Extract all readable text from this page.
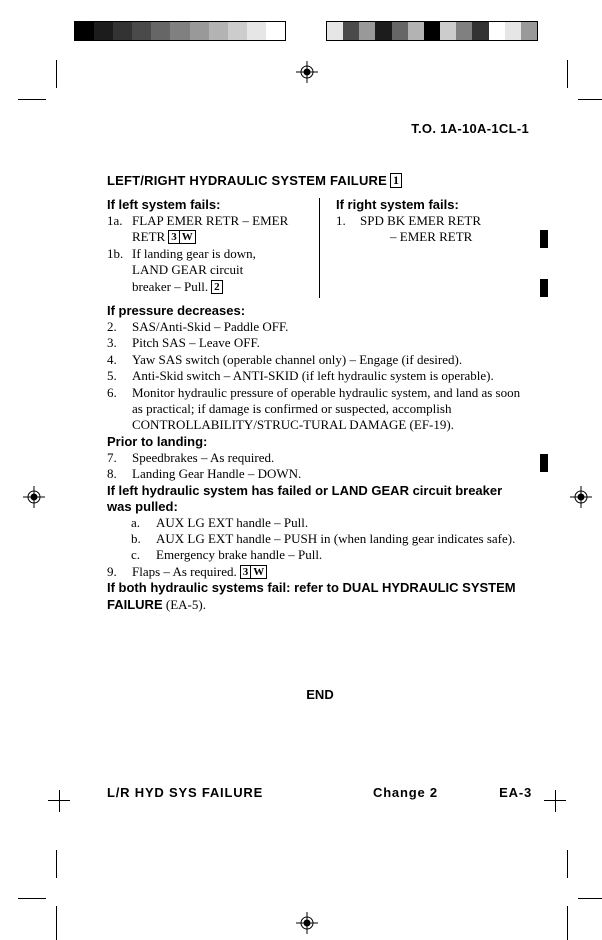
T.O. 1A-10A-1CL-1
LEFT/RIGHT HYDRAULIC SYSTEM FAILURE 1
If left system fails:
1a. FLAP EMER RETR – EMER RETR 3 W
1b. If landing gear is down, LAND GEAR circuit breaker – Pull. 2
If right system fails:
1.	SPD BK EMER RETR
– EMER RETR
If pressure decreases:
2.	SAS/Anti-Skid – Paddle OFF.
3.	Pitch SAS – Leave OFF.
4.	Yaw SAS switch (operable channel only) – Engage (if desired).
5.	Anti-Skid switch – ANTI-SKID (if left hydraulic system is operable).
6.	Monitor hydraulic pressure of operable hydraulic system, and land as soon as practical; if damage is confirmed or suspected, accomplish CONTROLLABILITY/STRUC-TURAL DAMAGE (EF-19).
Prior to landing:
7.	Speedbrakes – As required.
8.	Landing Gear Handle – DOWN.
If left hydraulic system has failed or LAND GEAR circuit breaker was pulled:
a.	AUX LG EXT handle – Pull.
b.	AUX LG EXT handle – PUSH in (when landing gear indicates safe).
c.	Emergency brake handle – Pull.
9.	Flaps – As required. 3 W
If both hydraulic systems fail: refer to DUAL HYDRAULIC SYSTEM FAILURE (EA-5).
END
L/R HYD SYS FAILURE	Change 2	EA-3
